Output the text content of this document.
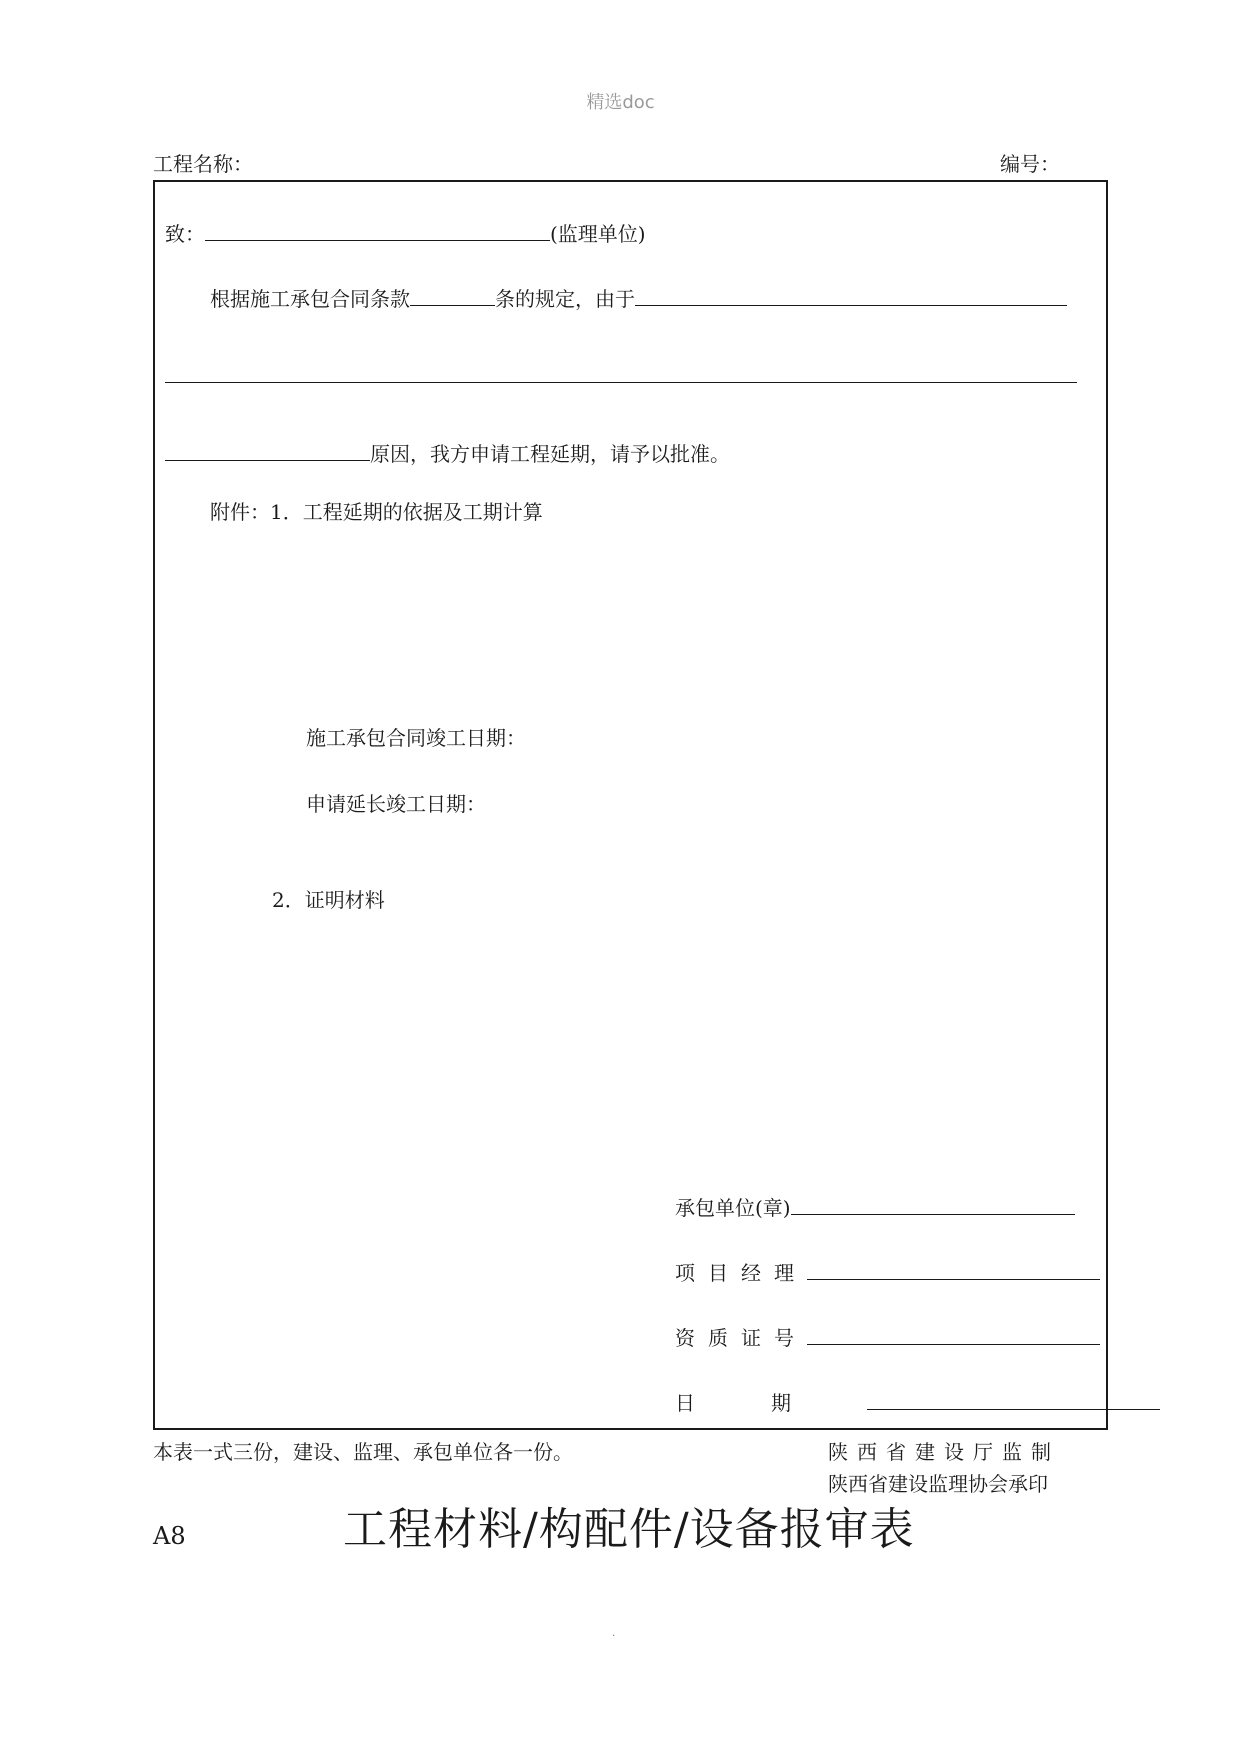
精选doc
工程名称：	编号：
致：	(监理单位)
根据施工承包合同条款	条的规定，由于
原因，我方申请工程延期，请予以批准。
附件：1．工程延期的依据及工期计算
施工承包合同竣工日期：
申请延长竣工日期：
2．证明材料
承包单位(章)
项目经理
资质证号
日期
本表一式三份，建设、监理、承包单位各一份。	陕西省建设厅监制
陕西省建设监理协会承印
A8	工程材料/构配件/设备报审表
.
